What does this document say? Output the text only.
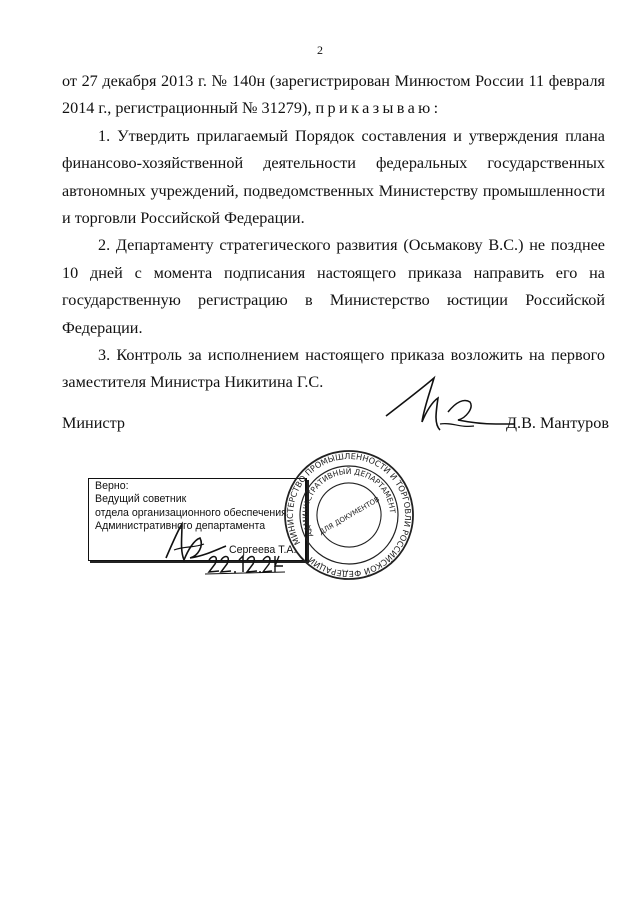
2

от 27 декабря 2013 г. № 140н (зарегистрирован Минюстом России 11 февраля 2014 г., регистрационный № 31279), приказываю:

1. Утвердить прилагаемый Порядок составления и утверждения плана финансово-хозяйственной деятельности федеральных государственных автономных учреждений, подведомственных Министерству промышленности и торговли Российской Федерации.

2. Департаменту стратегического развития (Осьмакову В.С.) не позднее 10 дней с момента подписания настоящего приказа направить его на государственную регистрацию в Министерство юстиции Российской Федерации.

3. Контроль за исполнением настоящего приказа возложить на первого заместителя Министра Никитина Г.С.

Министр	Д.В. Мантуров
Верно:
Ведущий советник
отдела организационного обеспечения
Административного департамента
Сергеева Т.А.
МИНИСТЕРСТВО ПРОМЫШЛЕННОСТИ И ТОРГОВЛИ РОССИЙСКОЙ ФЕДЕРАЦИИ
АДМИНИСТРАТИВНЫЙ ДЕПАРТАМЕНТ
ДЛЯ ДОКУМЕНТОВ
